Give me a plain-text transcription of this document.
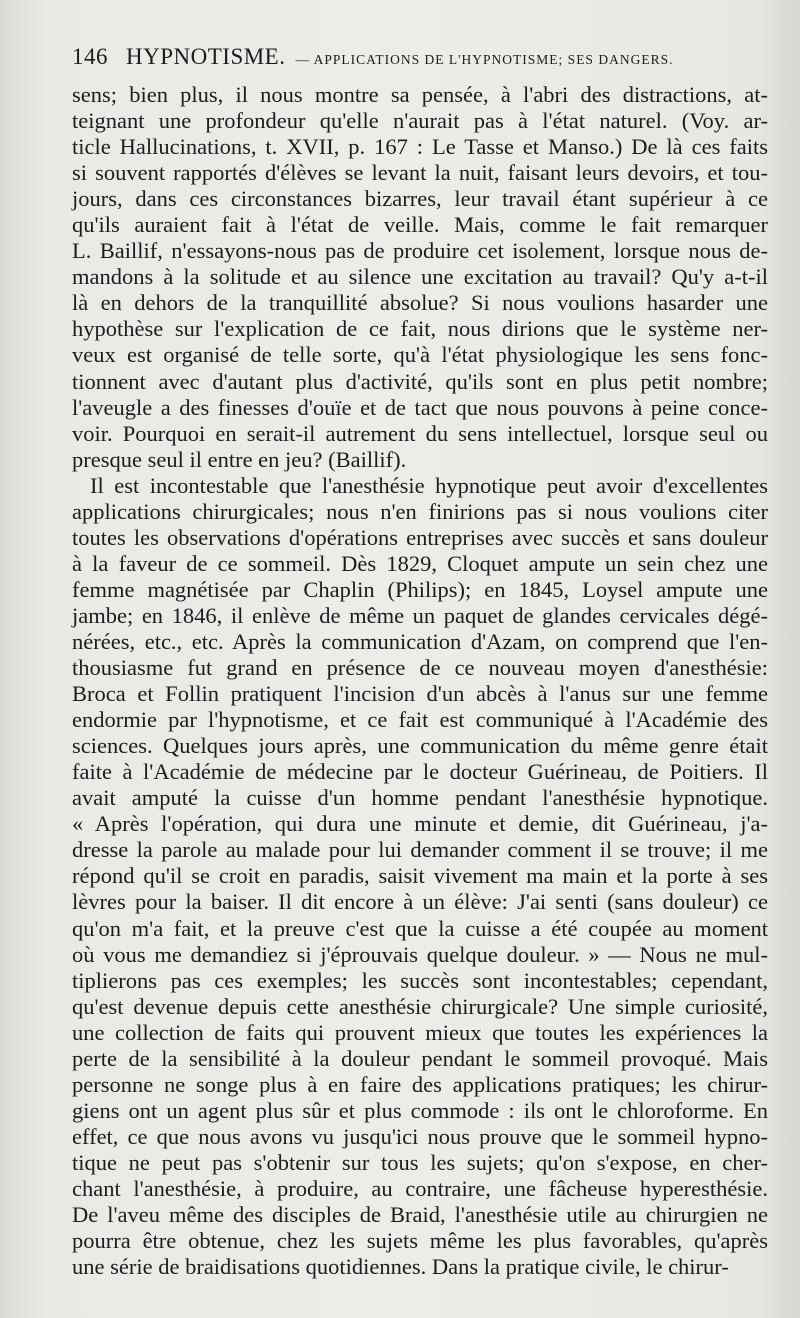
146 HYPNOTISME. — APPLICATIONS DE L'HYPNOTISME; SES DANGERS.
sens; bien plus, il nous montre sa pensée, à l'abri des distractions, at-
teignant une profondeur qu'elle n'aurait pas à l'état naturel. (Voy. ar-
ticle Hallucinations, t. XVII, p. 167 : Le Tasse et Manso.) De là ces faits
si souvent rapportés d'élèves se levant la nuit, faisant leurs devoirs, et tou-
jours, dans ces circonstances bizarres, leur travail étant supérieur à ce
qu'ils auraient fait à l'état de veille. Mais, comme le fait remarquer
L. Baillif, n'essayons-nous pas de produire cet isolement, lorsque nous de-
mandons à la solitude et au silence une excitation au travail? Qu'y a-t-il
là en dehors de la tranquillité absolue? Si nous voulions hasarder une
hypothèse sur l'explication de ce fait, nous dirions que le système ner-
veux est organisé de telle sorte, qu'à l'état physiologique les sens fonc-
tionnent avec d'autant plus d'activité, qu'ils sont en plus petit nombre;
l'aveugle a des finesses d'ouïe et de tact que nous pouvons à peine conce-
voir. Pourquoi en serait-il autrement du sens intellectuel, lorsque seul ou
presque seul il entre en jeu? (Baillif).
Il est incontestable que l'anesthésie hypnotique peut avoir d'excellentes
applications chirurgicales; nous n'en finirions pas si nous voulions citer
toutes les observations d'opérations entreprises avec succès et sans douleur
à la faveur de ce sommeil. Dès 1829, Cloquet ampute un sein chez une
femme magnétisée par Chaplin (Philips); en 1845, Loysel ampute une
jambe; en 1846, il enlève de même un paquet de glandes cervicales dégé-
nérées, etc., etc. Après la communication d'Azam, on comprend que l'en-
thousiasme fut grand en présence de ce nouveau moyen d'anesthésie:
Broca et Follin pratiquent l'incision d'un abcès à l'anus sur une femme
endormie par l'hypnotisme, et ce fait est communiqué à l'Académie des
sciences. Quelques jours après, une communication du même genre était
faite à l'Académie de médecine par le docteur Guérineau, de Poitiers. Il
avait amputé la cuisse d'un homme pendant l'anesthésie hypnotique.
« Après l'opération, qui dura une minute et demie, dit Guérineau, j'a-
dresse la parole au malade pour lui demander comment il se trouve; il me
répond qu'il se croit en paradis, saisit vivement ma main et la porte à ses
lèvres pour la baiser. Il dit encore à un élève: J'ai senti (sans douleur) ce
qu'on m'a fait, et la preuve c'est que la cuisse a été coupée au moment
où vous me demandiez si j'éprouvais quelque douleur. » — Nous ne mul-
tiplierons pas ces exemples; les succès sont incontestables; cependant,
qu'est devenue depuis cette anesthésie chirurgicale? Une simple curiosité,
une collection de faits qui prouvent mieux que toutes les expériences la
perte de la sensibilité à la douleur pendant le sommeil provoqué. Mais
personne ne songe plus à en faire des applications pratiques; les chirur-
giens ont un agent plus sûr et plus commode : ils ont le chloroforme. En
effet, ce que nous avons vu jusqu'ici nous prouve que le sommeil hypno-
tique ne peut pas s'obtenir sur tous les sujets; qu'on s'expose, en cher-
chant l'anesthésie, à produire, au contraire, une fâcheuse hyperesthésie.
De l'aveu même des disciples de Braid, l'anesthésie utile au chirurgien ne
pourra être obtenue, chez les sujets même les plus favorables, qu'après
une série de braidisations quotidiennes. Dans la pratique civile, le chirur-
